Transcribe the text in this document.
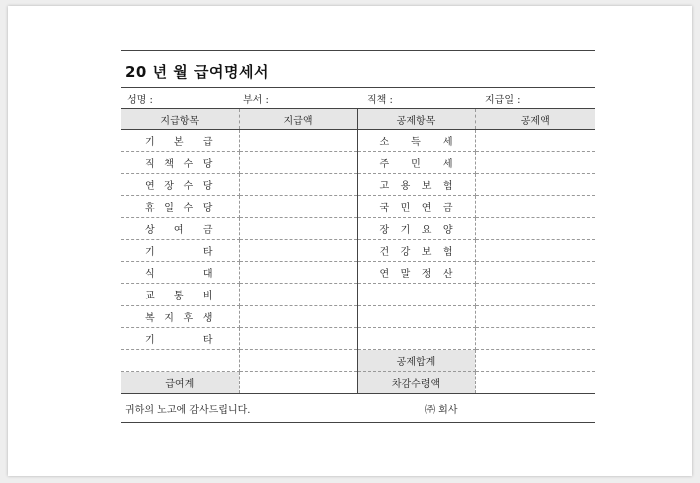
20 년 월 급여명세서
성명 :	부서 :	직책 :	지급일 :
지급항목	지급액	공제항목	공제액

기 본 급		소 득 세	

직 책 수 당		주 민 세	

연 장 수 당		고 용 보 험	

휴 일 수 당		국 민 연 금	

상 여 금		장 기 요 양	

기 타		건 강 보 험	

식 대		연 말 정 산	

교 통 비			

복 지 후 생			

기 타			

		공제합계	
급여계		차감수령액	
귀하의 노고에 감사드립니다.	㈜ 회사
